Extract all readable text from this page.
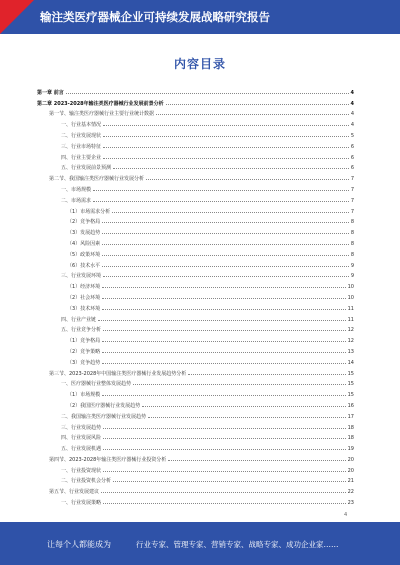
输注类医疗器械企业可持续发展战略研究报告
内容目录
第一章 前言	4
第二章 2023-2028年输注类医疗器械行业发展前景分析	4
第一节、输注类医疗器械行业主要行业统计数据	4
一、行业基本情况	4
二、行业发展现状	5
三、行业市场特征	6
四、行业主要企业	6
五、行业发展前景预测	6
第二节、我国输注类医疗器械行业发展分析	7
一、市场规模	7
二、市场需求	7
（1）市场需求分析	7
（2）竞争格局	8
（3）发展趋势	8
（4）风险因素	8
（5）政策环境	8
（6）技术水平	9
三、行业发展环境	9
（1）经济环境	10
（2）社会环境	10
（3）技术环境	11
四、行业产业链	11
五、行业竞争分析	12
（1）竞争格局	12
（2）竞争策略	13
（3）竞争趋势	14
第三节、2023-2028年中国输注类医疗器械行业发展趋势分析	15
一、医疗器械行业整体发展趋势	15
（1）市场规模	15
（2）我国医疗器械行业发展趋势	16
二、我国输注类医疗器械行业发展趋势	17
三、行业发展趋势	18
四、行业发展风险	18
五、行业发展机遇	19
第四节、2023-2028年输注类医疗器械行业投资分析	20
一、行业投资现状	20
二、行业投资机会分析	21
第五节、行业发展建议	22
一、行业发展策略	23
4
让每个人都能成为	行业专家、管理专家、营销专家、战略专家、成功企业家……
